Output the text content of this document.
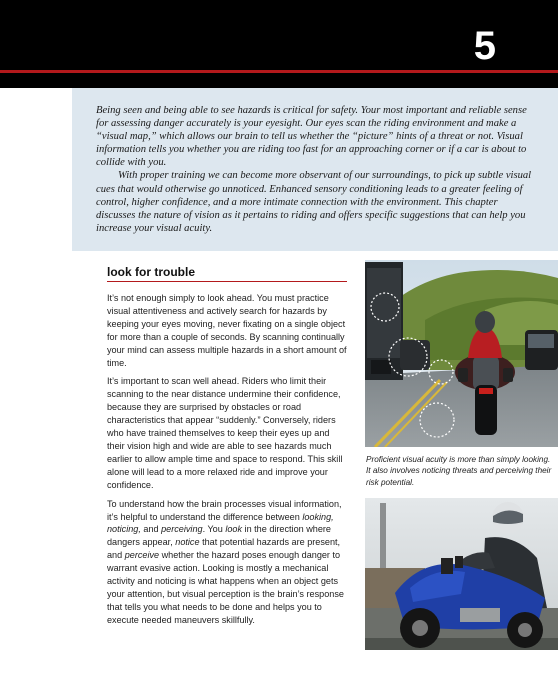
5

Being seen and being able to see hazards is critical for safety. Your most important and reliable sense for assessing danger accurately is your eyesight. Our eyes scan the riding environment and make a “visual map,” which allows our brain to tell us whether the “picture” hints of a threat or not. Visual information tells you whether you are riding too fast for an approaching corner or if a car is about to collide with you.

With proper training we can become more observant of our surroundings, to pick up subtle visual cues that would otherwise go unnoticed. Enhanced sensory conditioning leads to a greater feeling of control, higher confidence, and a more intimate connection with the environment. This chapter discusses the nature of vision as it pertains to riding and offers specific suggestions that can help you increase your visual acuity.

look for trouble

It’s not enough simply to look ahead. You must practice visual attentiveness and actively search for hazards by keeping your eyes moving, never fixating on a single object for more than a couple of seconds. By scanning continually your mind can assess multiple hazards in a short amount of time.

It’s important to scan well ahead. Riders who limit their scanning to the near distance undermine their confidence, because they are surprised by obstacles or road characteristics that appear “suddenly.” Conversely, riders who have trained themselves to keep their eyes up and their vision high and wide are able to see hazards much earlier to allow ample time and space to respond. This skill alone will lead to a more relaxed ride and improve your confidence.

To understand how the brain processes visual information, it’s helpful to understand the difference between looking, noticing, and perceiving. You look in the direction where dangers appear, notice that potential hazards are present, and perceive whether the hazard poses enough danger to warrant evasive action. Looking is mostly a mechanical activity and noticing is what happens when an object gets your attention, but visual perception is the brain’s response that tells you what needs to be done and helps you to execute needed maneuvers skillfully.

Proficient visual acuity is more than simply looking. It also involves noticing threats and perceiving their risk potential.
